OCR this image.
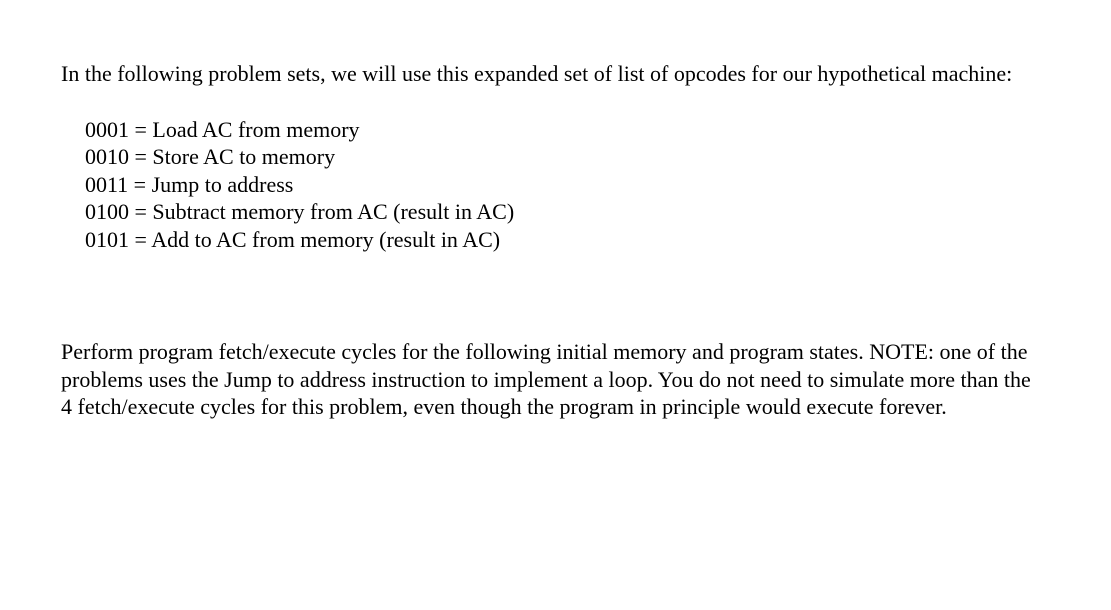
In the following problem sets, we will use this expanded set of list of opcodes for our hypothetical machine:

0001 = Load AC from memory
0010 = Store AC to memory
0011 = Jump to address
0100 = Subtract memory from AC (result in AC)
0101 = Add to AC from memory (result in AC)

Perform program fetch/execute cycles for the following initial memory and program states. NOTE: one of the problems uses the Jump to address instruction to implement a loop. You do not need to simulate more than the 4 fetch/execute cycles for this problem, even though the program in principle would execute forever.
